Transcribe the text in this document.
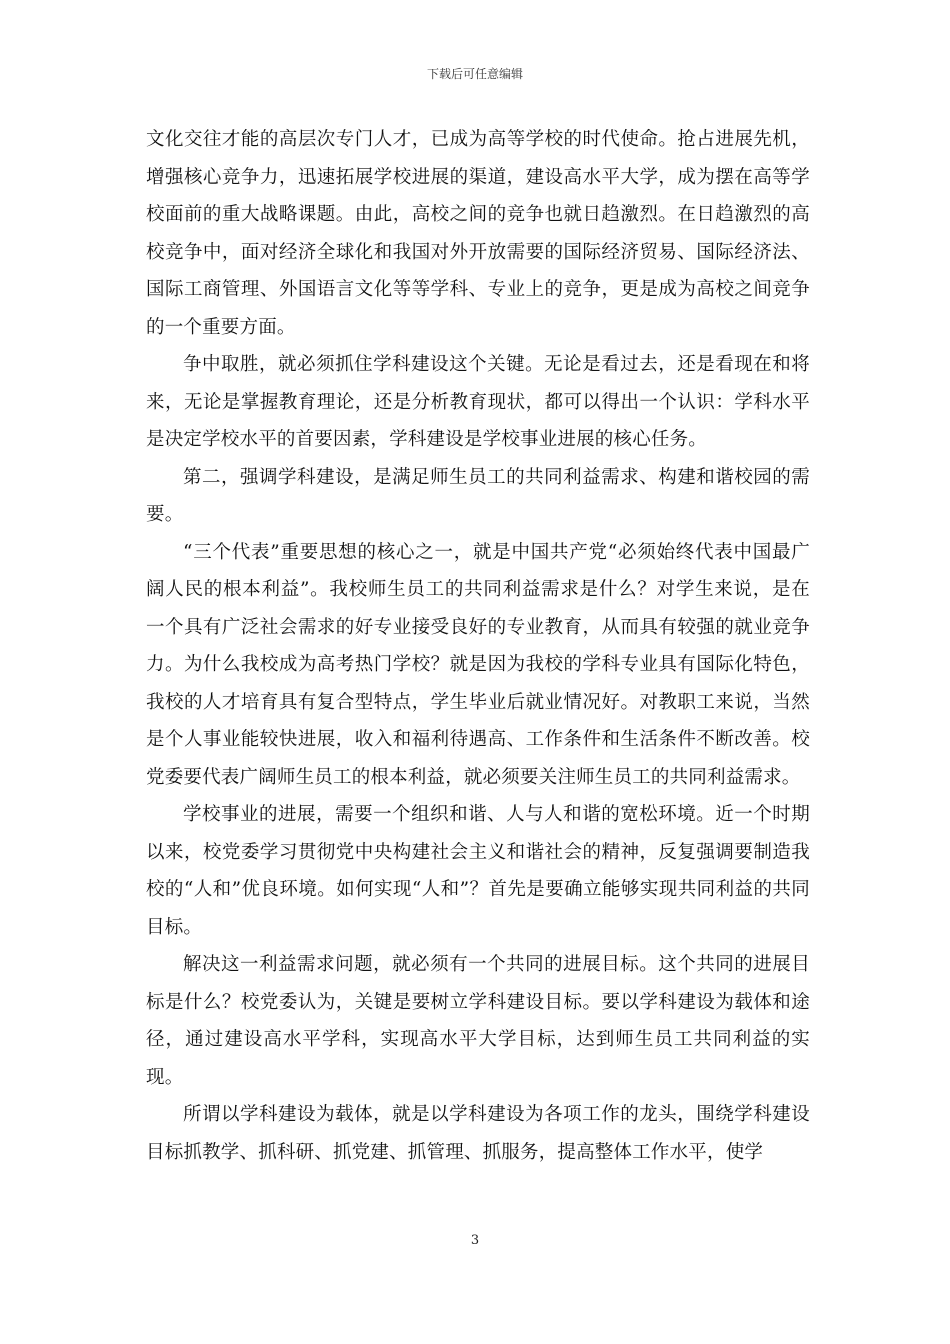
下载后可任意编辑

文化交往才能的高层次专门人才，已成为高等学校的时代使命。抢占进展先机，增强核心竞争力，迅速拓展学校进展的渠道，建设高水平大学，成为摆在高等学校面前的重大战略课题。由此，高校之间的竞争也就日趋激烈。在日趋激烈的高校竞争中，面对经济全球化和我国对外开放需要的国际经济贸易、国际经济法、国际工商管理、外国语言文化等等学科、专业上的竞争，更是成为高校之间竞争的一个重要方面。

争中取胜，就必须抓住学科建设这个关键。无论是看过去，还是看现在和将来，无论是掌握教育理论，还是分析教育现状，都可以得出一个认识：学科水平是决定学校水平的首要因素，学科建设是学校事业进展的核心任务。

第二，强调学科建设，是满足师生员工的共同利益需求、构建和谐校园的需要。

“三个代表”重要思想的核心之一，就是中国共产党“必须始终代表中国最广阔人民的根本利益”。我校师生员工的共同利益需求是什么？对学生来说，是在一个具有广泛社会需求的好专业接受良好的专业教育，从而具有较强的就业竞争力。为什么我校成为高考热门学校？就是因为我校的学科专业具有国际化特色，我校的人才培育具有复合型特点，学生毕业后就业情况好。对教职工来说，当然是个人事业能较快进展，收入和福利待遇高、工作条件和生活条件不断改善。校党委要代表广阔师生员工的根本利益，就必须要关注师生员工的共同利益需求。

学校事业的进展，需要一个组织和谐、人与人和谐的宽松环境。近一个时期以来，校党委学习贯彻党中央构建社会主义和谐社会的精神，反复强调要制造我校的“人和”优良环境。如何实现“人和”？首先是要确立能够实现共同利益的共同目标。

解决这一利益需求问题，就必须有一个共同的进展目标。这个共同的进展目标是什么？校党委认为，关键是要树立学科建设目标。要以学科建设为载体和途径，通过建设高水平学科，实现高水平大学目标，达到师生员工共同利益的实现。

所谓以学科建设为载体，就是以学科建设为各项工作的龙头，围绕学科建设目标抓教学、抓科研、抓党建、抓管理、抓服务，提高整体工作水平，使学

3
